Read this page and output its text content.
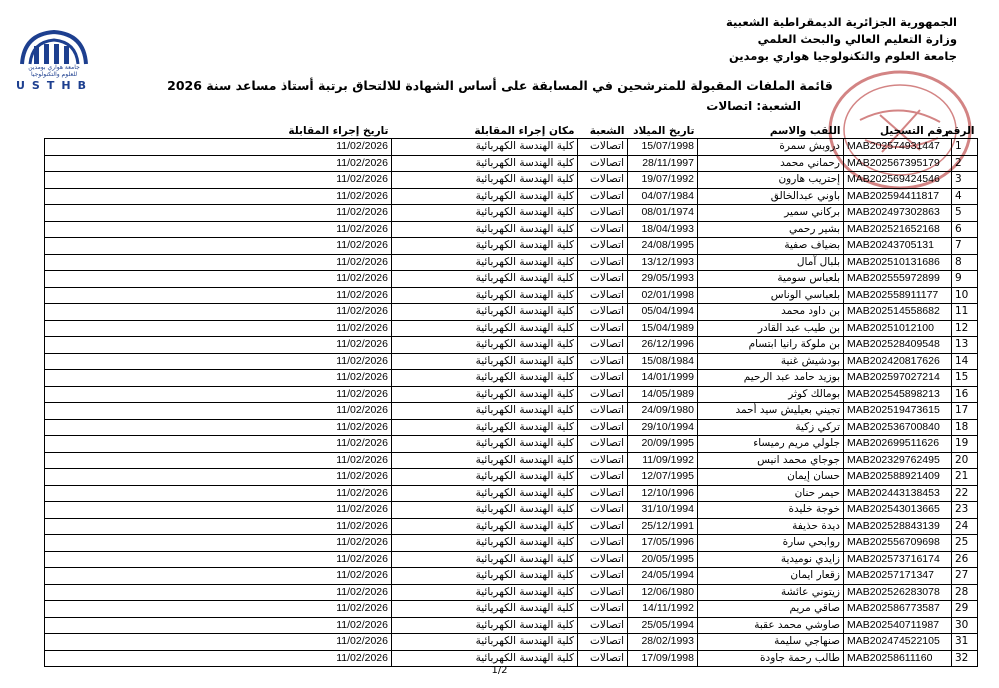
الجمهورية الجزائرية الديمقراطية الشعبية
وزارة التعليم العالي والبحث العلمي
جامعة العلوم والتكنولوجيا هواري بومدين
جامعة هواري بومدين
للعلوم والتكنولوجيا
USTHB	قائمة الملفات المقبولة للمترشحين في المسابقة على أساس الشهادة للالتحاق برتبة أستاذ مساعد سنة 2026
الشعبة: اتصالات
الرقم	رقم التسجيل	اللقب والاسم	تاريخ الميلاد	الشعبة	مكان إجراء المقابلة	تاريخ إجراء المقابلة
1	MAB202574931447	دروبش سمرة	15/07/1998	اتصالات	كلية الهندسة الكهربائية	11/02/2026
2	MAB202567395179	رحماني محمد	28/11/1997	اتصالات	كلية الهندسة الكهربائية	11/02/2026
3	MAB202569424546	إحتريب هارون	19/07/1992	اتصالات	كلية الهندسة الكهربائية	11/02/2026
4	MAB202594411817	باوني عبدالخالق	04/07/1984	اتصالات	كلية الهندسة الكهربائية	11/02/2026
5	MAB202497302863	بركاني سمير	08/01/1974	اتصالات	كلية الهندسة الكهربائية	11/02/2026
6	MAB202521652168	بشير رحمي	18/04/1993	اتصالات	كلية الهندسة الكهربائية	11/02/2026
7	MAB20243705131	بضياف صفية	24/08/1995	اتصالات	كلية الهندسة الكهربائية	11/02/2026
8	MAB202510131686	بلبال آمال	13/12/1993	اتصالات	كلية الهندسة الكهربائية	11/02/2026
9	MAB202555972899	بلعباس سومية	29/05/1993	اتصالات	كلية الهندسة الكهربائية	11/02/2026
10	MAB202558911177	بلعباسي الوناس	02/01/1998	اتصالات	كلية الهندسة الكهربائية	11/02/2026
11	MAB202514558682	بن داود محمد	05/04/1994	اتصالات	كلية الهندسة الكهربائية	11/02/2026
12	MAB20251012100	بن طيب عبد القادر	15/04/1989	اتصالات	كلية الهندسة الكهربائية	11/02/2026
13	MAB202528409548	بن ملوكة رانيا ابتسام	26/12/1996	اتصالات	كلية الهندسة الكهربائية	11/02/2026
14	MAB202420817626	بودشيش غنية	15/08/1984	اتصالات	كلية الهندسة الكهربائية	11/02/2026
15	MAB202597027214	بوزيد حامد عبد الرحيم	14/01/1999	اتصالات	كلية الهندسة الكهربائية	11/02/2026
16	MAB202545898213	بومالك كوثر	14/05/1989	اتصالات	كلية الهندسة الكهربائية	11/02/2026
17	MAB202519473615	تجيني بعيليش سيد أحمد	24/09/1980	اتصالات	كلية الهندسة الكهربائية	11/02/2026
18	MAB202536700840	تركي زكية	29/10/1994	اتصالات	كلية الهندسة الكهربائية	11/02/2026
19	MAB202699511626	جلولي مريم رميساء	20/09/1995	اتصالات	كلية الهندسة الكهربائية	11/02/2026
20	MAB202329762495	جوجاي محمد انيس	11/09/1992	اتصالات	كلية الهندسة الكهربائية	11/02/2026
21	MAB202588921409	حسان إيمان	12/07/1995	اتصالات	كلية الهندسة الكهربائية	11/02/2026
22	MAB202443138453	حيمر حنان	12/10/1996	اتصالات	كلية الهندسة الكهربائية	11/02/2026
23	MAB202543013665	خوجة خليدة	31/10/1994	اتصالات	كلية الهندسة الكهربائية	11/02/2026
24	MAB202528843139	ديدة حذيفة	25/12/1991	اتصالات	كلية الهندسة الكهربائية	11/02/2026
25	MAB202556709698	روابحي سارة	17/05/1996	اتصالات	كلية الهندسة الكهربائية	11/02/2026
26	MAB202573716174	زايدي نوميدية	20/05/1995	اتصالات	كلية الهندسة الكهربائية	11/02/2026
27	MAB20257171347	زقعار ايمان	24/05/1994	اتصالات	كلية الهندسة الكهربائية	11/02/2026
28	MAB202526283078	زيتوني عائشة	12/06/1980	اتصالات	كلية الهندسة الكهربائية	11/02/2026
29	MAB202586773587	صاقي مريم	14/11/1992	اتصالات	كلية الهندسة الكهربائية	11/02/2026
30	MAB202540711987	صاوشي محمد عقبة	25/05/1994	اتصالات	كلية الهندسة الكهربائية	11/02/2026
31	MAB202474522105	صنهاجي سليمة	28/02/1993	اتصالات	كلية الهندسة الكهربائية	11/02/2026
32	MAB20258611160	طالب رحمة جاودة	17/09/1998	اتصالات	كلية الهندسة الكهربائية	11/02/2026
1/2
